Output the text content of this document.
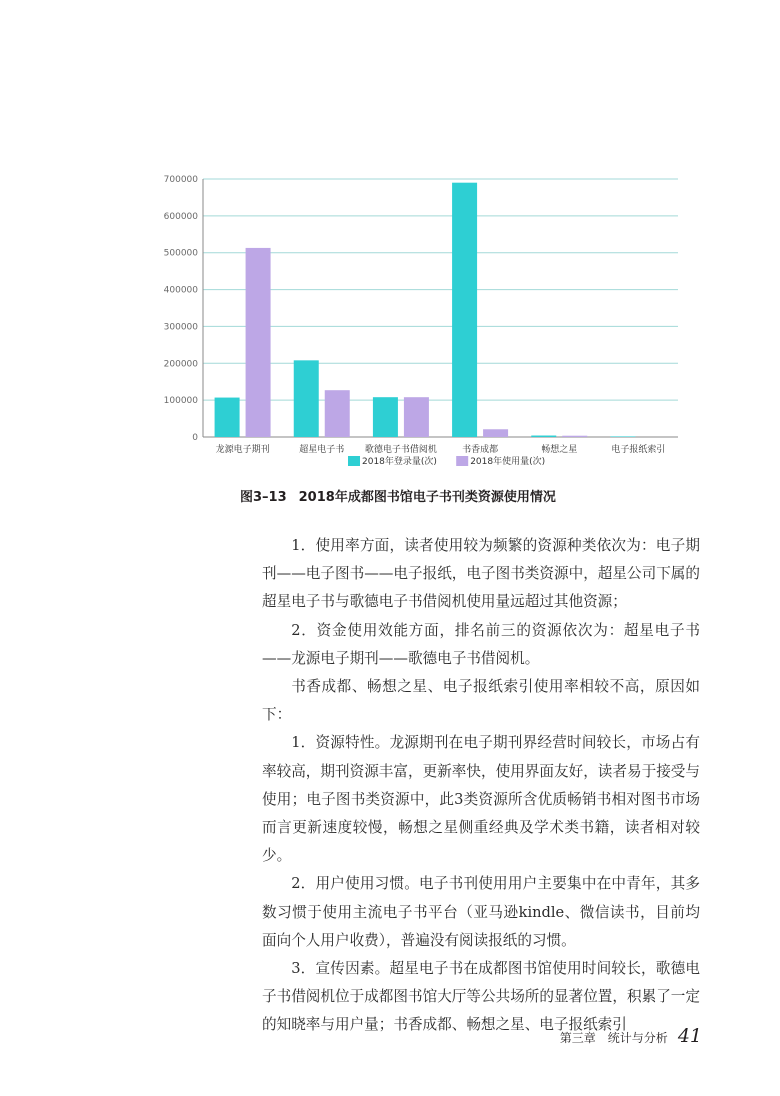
0
100000
200000
300000
400000
500000
600000
700000
龙源电子期刊	超星电子书 歌德电子书借阅机	书香成都	畅想之星	电子报纸索引
2018年登录量(次)	2018年使用量(次)
图3–13 2018年成都图书馆电子书刊类资源使用情况

1．使用率方面，读者使用较为频繁的资源种类依次为：电子期刊——电子图书——电子报纸，电子图书类资源中，超星公司下属的超星电子书与歌德电子书借阅机使用量远超过其他资源；

2．资金使用效能方面，排名前三的资源依次为：超星电子书——龙源电子期刊——歌德电子书借阅机。

书香成都、畅想之星、电子报纸索引使用率相较不高，原因如下：

1．资源特性。龙源期刊在电子期刊界经营时间较长，市场占有率较高，期刊资源丰富，更新率快，使用界面友好，读者易于接受与使用；电子图书类资源中，此3类资源所含优质畅销书相对图书市场而言更新速度较慢，畅想之星侧重经典及学术类书籍，读者相对较少。

2．用户使用习惯。电子书刊使用用户主要集中在中青年，其多数习惯于使用主流电子书平台（亚马逊kindle、微信读书，目前均面向个人用户收费），普遍没有阅读报纸的习惯。

3．宣传因素。超星电子书在成都图书馆使用时间较长，歌德电子书借阅机位于成都图书馆大厅等公共场所的显著位置，积累了一定的知晓率与用户量；书香成都、畅想之星、电子报纸索引

第三章　统计与分析 41
